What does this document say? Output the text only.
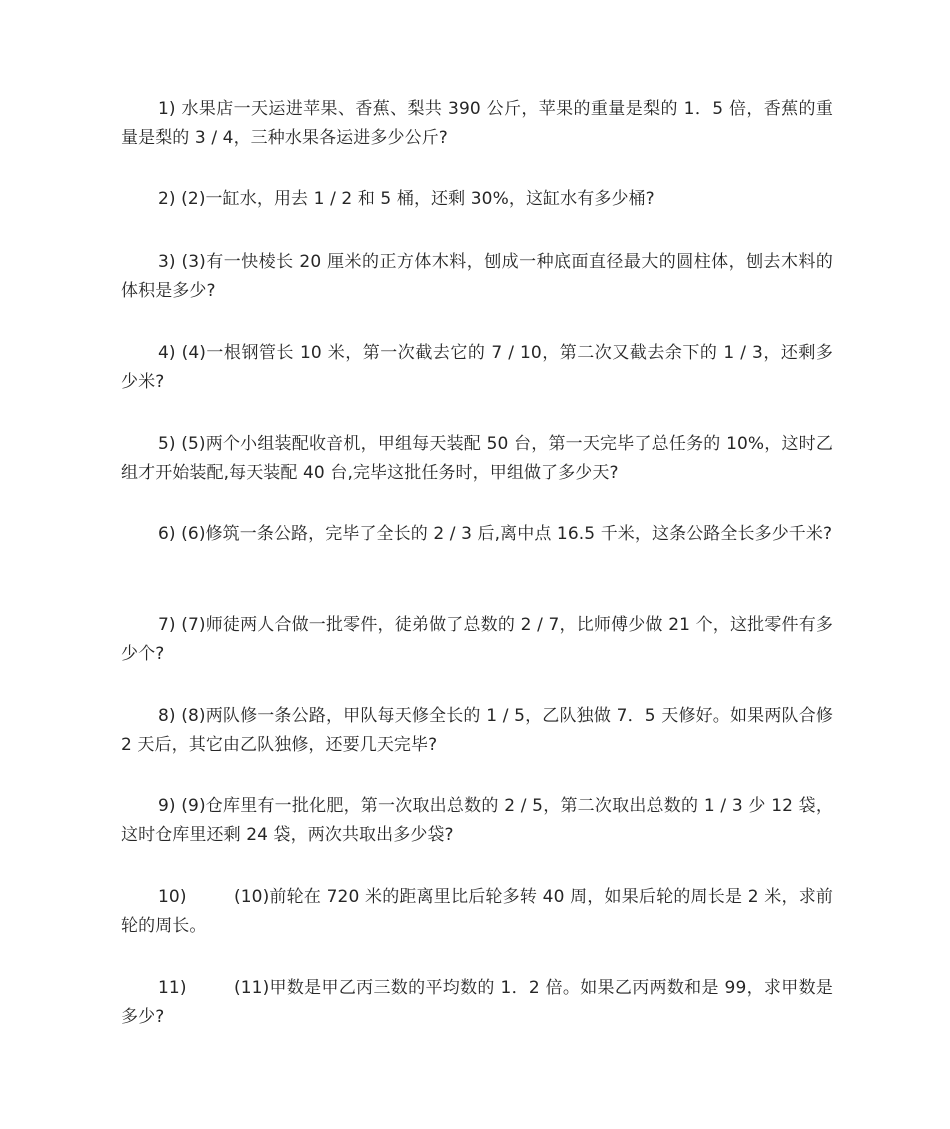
1) 水果店一天运进苹果、香蕉、梨共 390 公斤，苹果的重量是梨的 1．5 倍，香蕉的重量是梨的 3 / 4，三种水果各运进多少公斤?

2) (2)一缸水，用去 1 / 2 和 5 桶，还剩 30%，这缸水有多少桶?

3) (3)有一快棱长 20 厘米的正方体木料，刨成一种底面直径最大的圆柱体，刨去木料的体积是多少?

4) (4)一根钢管长 10 米，第一次截去它的 7 / 10，第二次又截去余下的 1 / 3，还剩多少米?

5) (5)两个小组装配收音机，甲组每天装配 50 台，第一天完毕了总任务的 10%，这时乙组才开始装配,每天装配 40 台,完毕这批任务时，甲组做了多少天?

6) (6)修筑一条公路，完毕了全长的 2 / 3 后,离中点 16.5 千米，这条公路全长多少千米?

7) (7)师徒两人合做一批零件，徒弟做了总数的 2 / 7，比师傅少做 21 个，这批零件有多少个?

8) (8)两队修一条公路，甲队每天修全长的 1 / 5，乙队独做 7．5 天修好。如果两队合修 2 天后，其它由乙队独修，还要几天完毕?

9) (9)仓库里有一批化肥，第一次取出总数的 2 / 5，第二次取出总数的 1 / 3 少 12 袋，这时仓库里还剩 24 袋，两次共取出多少袋?

10)	(10)前轮在 720 米的距离里比后轮多转 40 周，如果后轮的周长是 2 米，求前轮的周长。

11)	(11)甲数是甲乙丙三数的平均数的 1．2 倍。如果乙丙两数和是 99，求甲数是多少?
